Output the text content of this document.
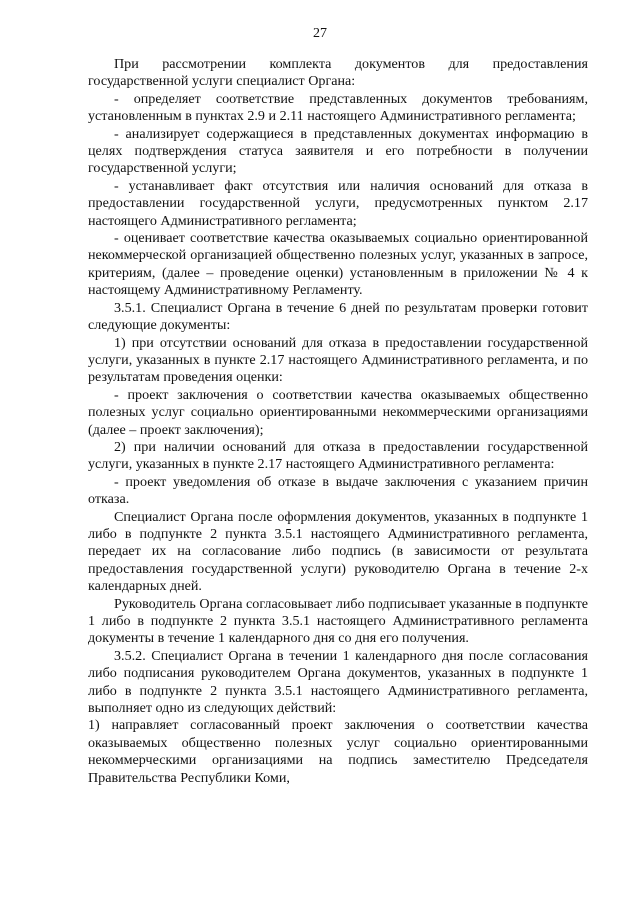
27

При рассмотрении комплекта документов для предоставления государственной услуги специалист Органа:

- определяет соответствие представленных документов требованиям, установленным в пунктах 2.9 и 2.11 настоящего Административного регламента;

- анализирует содержащиеся в представленных документах информацию в целях подтверждения статуса заявителя и его потребности в получении государственной услуги;

- устанавливает факт отсутствия или наличия оснований для отказа в предоставлении государственной услуги, предусмотренных пунктом 2.17 настоящего Административного регламента;

- оценивает соответствие качества оказываемых социально ориентированной некоммерческой организацией общественно полезных услуг, указанных в запросе, критериям, (далее – проведение оценки) установленным в приложении № 4 к настоящему Административному Регламенту.

3.5.1. Специалист Органа в течение 6 дней по результатам проверки готовит следующие документы:

1) при отсутствии оснований для отказа в предоставлении государственной услуги, указанных в пункте 2.17 настоящего Административного регламента, и по результатам проведения оценки:

- проект заключения о соответствии качества оказываемых общественно полезных услуг социально ориентированными некоммерческими организациями (далее – проект заключения);

2) при наличии оснований для отказа в предоставлении государственной услуги, указанных в пункте 2.17 настоящего Административного регламента:

- проект уведомления об отказе в выдаче заключения с указанием причин отказа.

Специалист Органа после оформления документов, указанных в подпункте 1 либо в подпункте 2 пункта 3.5.1 настоящего Административного регламента, передает их на согласование либо подпись (в зависимости от результата предоставления государственной услуги) руководителю Органа в течение 2-х календарных дней.

Руководитель Органа согласовывает либо подписывает указанные в подпункте 1 либо в подпункте 2 пункта 3.5.1 настоящего Административного регламента документы в течение 1 календарного дня со дня его получения.

3.5.2. Специалист Органа в течении 1 календарного дня после согласования либо подписания руководителем Органа документов, указанных в подпункте 1 либо в подпункте 2 пункта 3.5.1 настоящего Административного регламента, выполняет одно из следующих действий:

1) направляет согласованный проект заключения о соответствии качества оказываемых общественно полезных услуг социально ориентированными некоммерческими организациями на подпись заместителю Председателя Правительства Республики Коми,
